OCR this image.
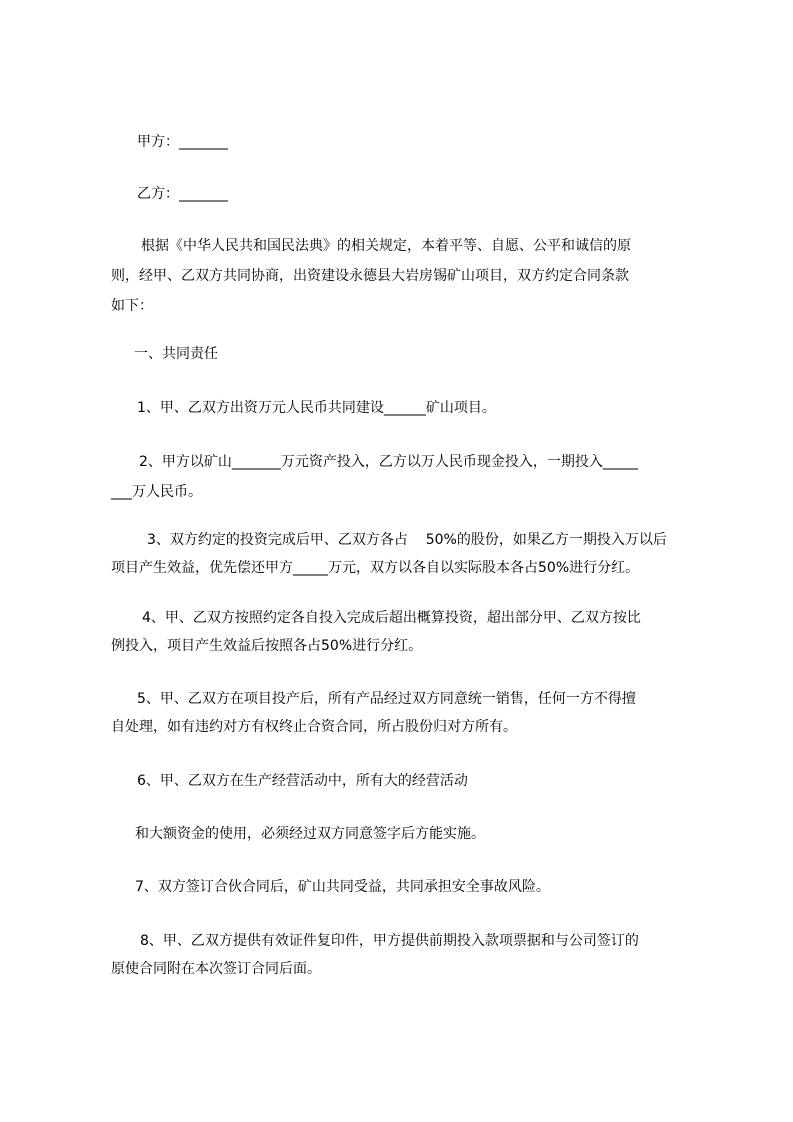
甲方：_______
乙方：_______
根据《中华人民共和国民法典》的相关规定，本着平等、自愿、公平和诚信的原
则，经甲、乙双方共同协商，出资建设永德县大岩房锡矿山项目，双方约定合同条款
如下：
一、共同责任
1、甲、乙双方出资万元人民币共同建设______矿山项目。
2、甲方以矿山_______万元资产投入，乙方以万人民币现金投入，一期投入_____
___万人民币。
3、双方约定的投资完成后甲、乙双方各占    50%的股份，如果乙方一期投入万以后
项目产生效益，优先偿还甲方_____万元，双方以各自以实际股本各占50%进行分红。
4、甲、乙双方按照约定各自投入完成后超出概算投资，超出部分甲、乙双方按比
例投入，项目产生效益后按照各占50%进行分红。
5、甲、乙双方在项目投产后，所有产品经过双方同意统一销售，任何一方不得擅
自处理，如有违约对方有权终止合资合同，所占股份归对方所有。
6、甲、乙双方在生产经营活动中，所有大的经营活动
和大额资金的使用，必须经过双方同意签字后方能实施。
7、双方签订合伙合同后，矿山共同受益，共同承担安全事故风险。
8、甲、乙双方提供有效证件复印件，甲方提供前期投入款项票据和与公司签订的
原使合同附在本次签订合同后面。
